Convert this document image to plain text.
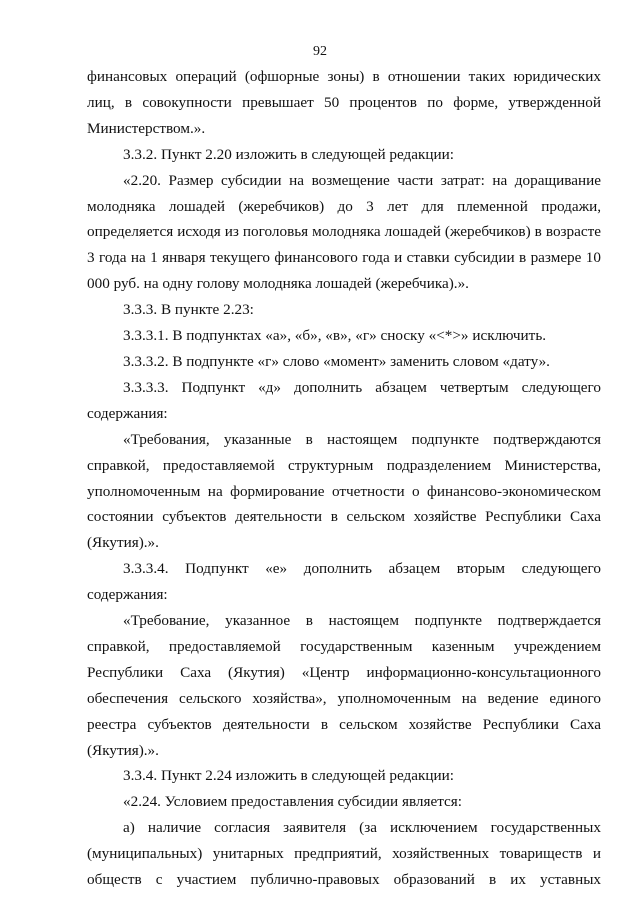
92

финансовых операций (офшорные зоны) в отношении таких юридических лиц, в совокупности превышает 50 процентов по форме, утвержденной Министерством.».

3.3.2. Пункт 2.20 изложить в следующей редакции:

«2.20. Размер субсидии на возмещение части затрат: на доращивание молодняка лошадей (жеребчиков) до 3 лет для племенной продажи, определяется исходя из поголовья молодняка лошадей (жеребчиков) в возрасте 3 года на 1 января текущего финансового года и ставки субсидии в размере 10 000 руб. на одну голову молодняка лошадей (жеребчика).».

3.3.3. В пункте 2.23:

3.3.3.1. В подпунктах «а», «б», «в», «г» сноску «<*>» исключить.

3.3.3.2. В подпункте «г» слово «момент» заменить словом «дату».

3.3.3.3. Подпункт «д» дополнить абзацем четвертым следующего содержания:

«Требования, указанные в настоящем подпункте подтверждаются справкой, предоставляемой структурным подразделением Министерства, уполномоченным на формирование отчетности о финансово-экономическом состоянии субъектов деятельности в сельском хозяйстве Республики Саха (Якутия).».

3.3.3.4. Подпункт «е» дополнить абзацем вторым следующего содержания:

«Требование, указанное в настоящем подпункте подтверждается справкой, предоставляемой государственным казенным учреждением Республики Саха (Якутия) «Центр информационно-консультационного обеспечения сельского хозяйства», уполномоченным на ведение единого реестра субъектов деятельности в сельском хозяйстве Республики Саха (Якутия).».

3.3.4. Пункт 2.24 изложить в следующей редакции:

«2.24. Условием предоставления субсидии является:

а) наличие согласия заявителя (за исключением государственных (муниципальных) унитарных предприятий, хозяйственных товариществ и обществ с участием публично-правовых образований в их уставных
